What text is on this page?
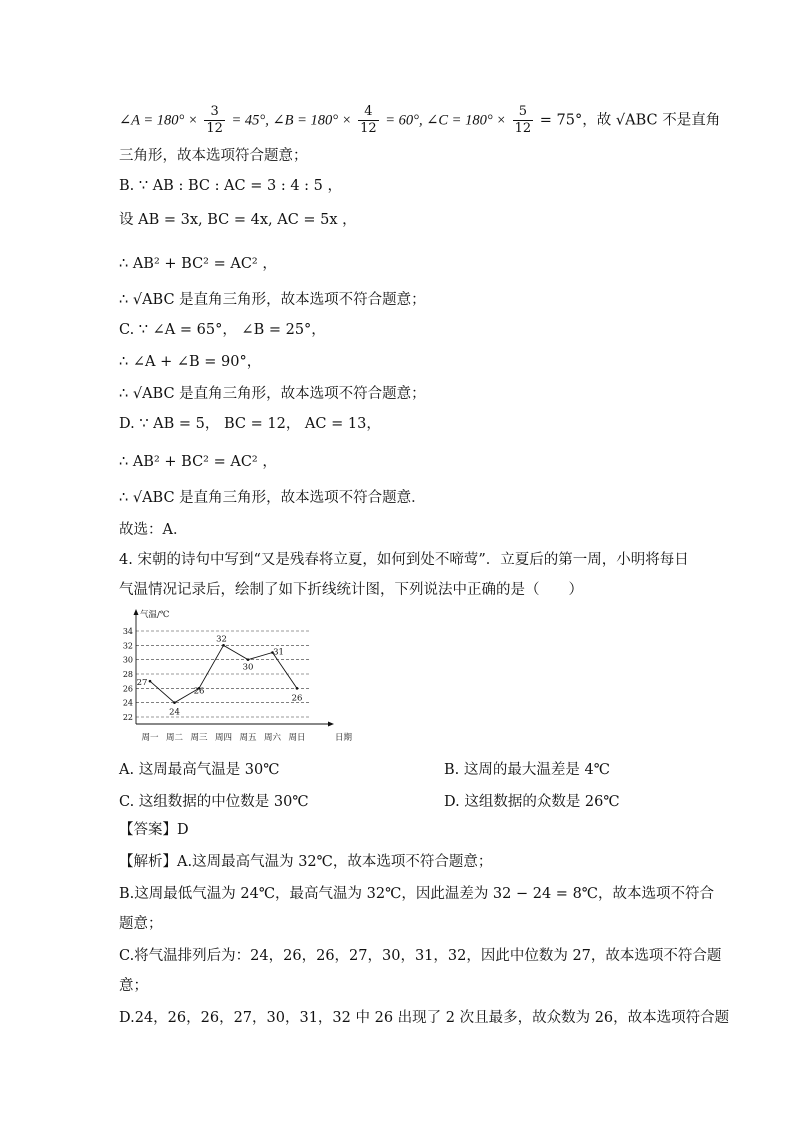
∠A = $180^\circ \times \frac{3}{12} = 45^\circ$, ∠B = $180^\circ \times \frac{4}{12} = 60^\circ$, ∠C = $180^\circ \times \frac{5}{12} = 75^\circ$，故 √ABC 不是直角
三角形，故本选项符合题意；
B. ∵ AB : BC : AC = 3 : 4 : 5 ，
设 AB = 3x, BC = 4x, AC = 5x ，
∴ AB² + BC² = AC² ，
∴ √ABC 是直角三角形，故本选项不符合题意；
C. ∵ ∠A = 65°， ∠B = 25°，
∴ ∠A + ∠B = 90°，
∴ √ABC 是直角三角形，故本选项不符合题意；
D. ∵ AB = 5， BC = 12， AC = 13，
∴ AB² + BC² = AC² ，
∴ √ABC 是直角三角形，故本选项不符合题意．
故选：A．
4. 宋朝的诗句中写到“又是残春将立夏，如何到处不啼莺”．立夏后的第一周，小明将每日
气温情况记录后，绘制了如下折线统计图，下列说法中正确的是（　　）
22
24
26
28
30
32
34
气温/℃
日期
周一 周二 周三 周四 周五 周六 周日
27
24
26
32
30
31
26
A. 这周最高气温是 30℃	B. 这周的最大温差是 4℃
C. 这组数据的中位数是 30℃	D. 这组数据的众数是 26℃
【答案】D
【解析】A.这周最高气温为 32℃，故本选项不符合题意；
B.这周最低气温为 24℃，最高气温为 32℃，因此温差为 32 − 24 = 8℃，故本选项不符合
题意；
C.将气温排列后为：24，26，26，27，30，31，32，因此中位数为 27，故本选项不符合题
意；
D.24，26，26，27，30，31，32 中 26 出现了 2 次且最多，故众数为 26，故本选项符合题
